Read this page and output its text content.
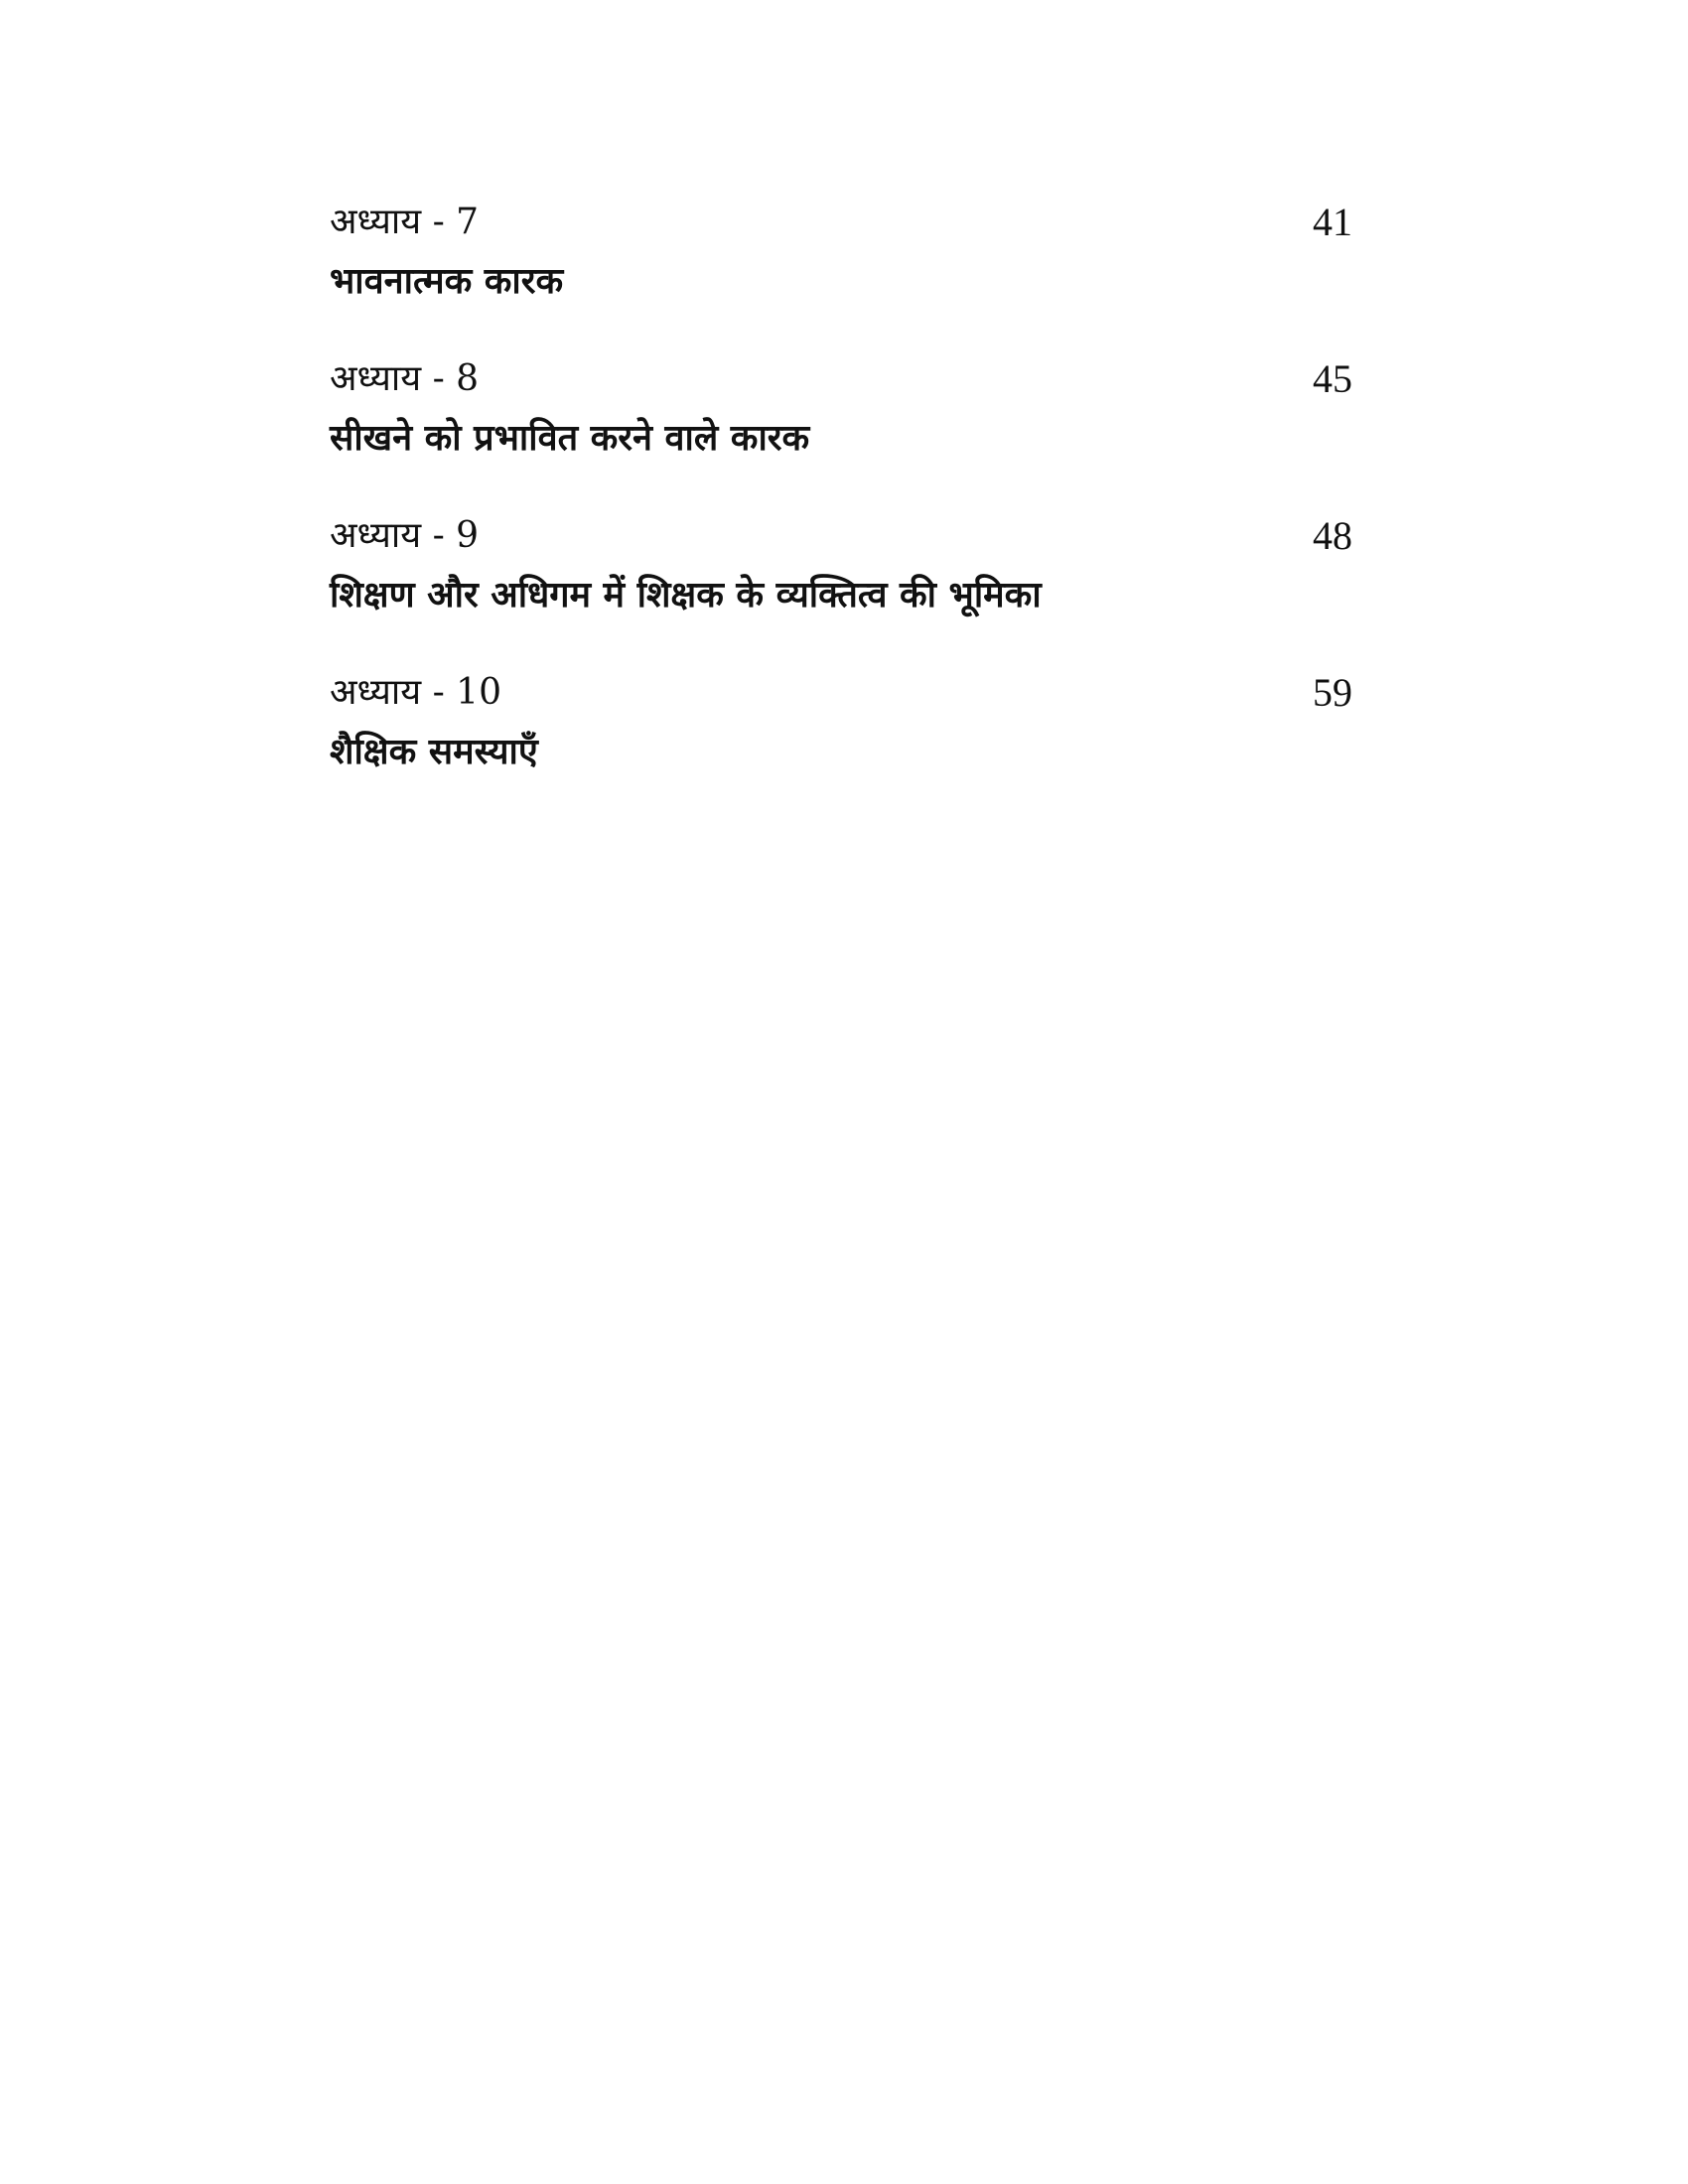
अध्याय - 7	41
भावनात्मक कारक
अध्याय - 8	45
सीखने को प्रभावित करने वाले कारक
अध्याय - 9	48
शिक्षण और अधिगम में शिक्षक के व्यक्तित्व की भूमिका
अध्याय - 10	59
शैक्षिक समस्याएँ
